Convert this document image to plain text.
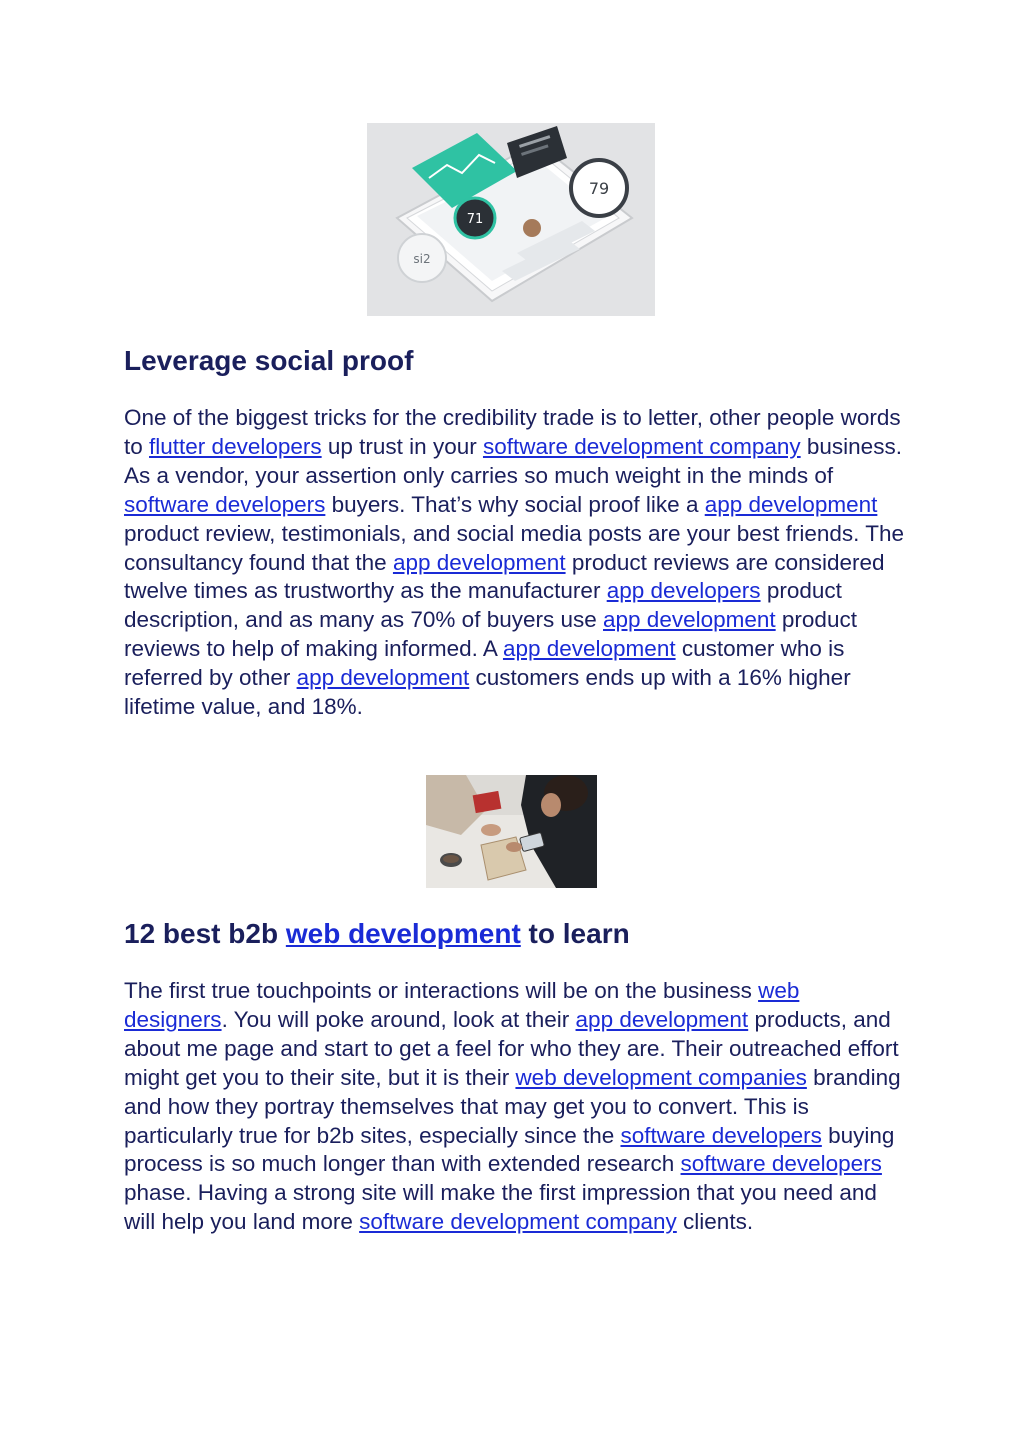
79
71
si2
Leverage social proof

One of the biggest tricks for the credibility trade is to letter, other people words to flutter developers up trust in your software development company business. As a vendor, your assertion only carries so much weight in the minds of software developers buyers. That’s why social proof like a app development product review, testimonials, and social media posts are your best friends. The consultancy found that the app development product reviews are considered twelve times as trustworthy as the manufacturer app developers product description, and as many as 70% of buyers use app development product reviews to help of making informed. A app development customer who is referred by other app development customers ends up with a 16% higher lifetime value, and 18%.

12 best b2b web development to learn

The first true touchpoints or interactions will be on the business web designers. You will poke around, look at their app development products, and about me page and start to get a feel for who they are. Their outreached effort might get you to their site, but it is their web development companies branding and how they portray themselves that may get you to convert. This is particularly true for b2b sites, especially since the software developers buying process is so much longer than with extended research software developers phase. Having a strong site will make the first impression that you need and will help you land more software development company clients.
